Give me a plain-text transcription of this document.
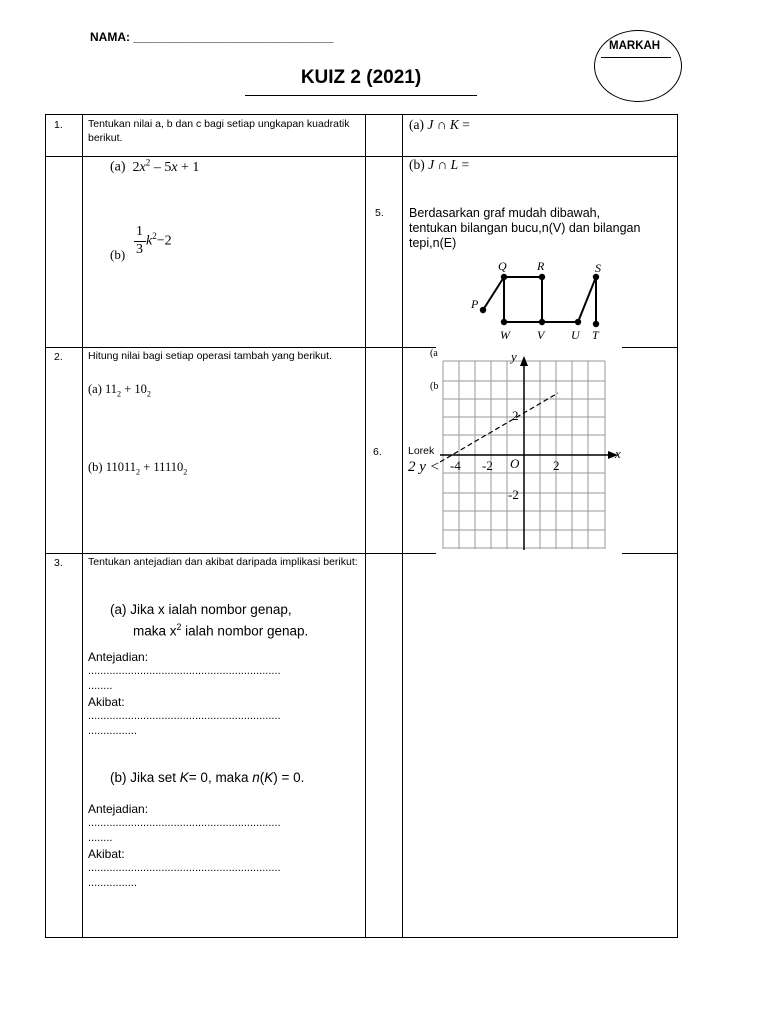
NAMA: ______________________________
MARKAH
KUIZ 2 (2021)
1. Tentukan nilai a, b dan c bagi setiap ungkapan kuadratik berikut.
(a)  $2x^2 - 5x + 1$
(b)
1
3
$k^2-2$
2. Hitung nilai bagi setiap operasi tambah yang berikut.
(a) $11_2 + 10_2$
(b) $11011_2 + 11110_2$
3. Tentukan antejadian dan akibat daripada implikasi berikut:
(a) Jika x ialah nombor genap,
maka $x^2$ ialah nombor genap.
Antejadian:
...............................................................
........
Akibat:
...............................................................
................
(b) Jika set K= 0, maka n(K) = 0.
Antejadian:
...............................................................
........
Akibat:
...............................................................
................
(a) J ∩ K =
(b) J ∩ L =
5. Berdasarkan graf mudah dibawah, tentukan bilangan bucu,n(V) dan bilangan tepi,n(E)
Q	R	S
P
W V U T
6.
(a
(b
Lorek
2 y <
y
x
O
-4 -2	2
2
-2
